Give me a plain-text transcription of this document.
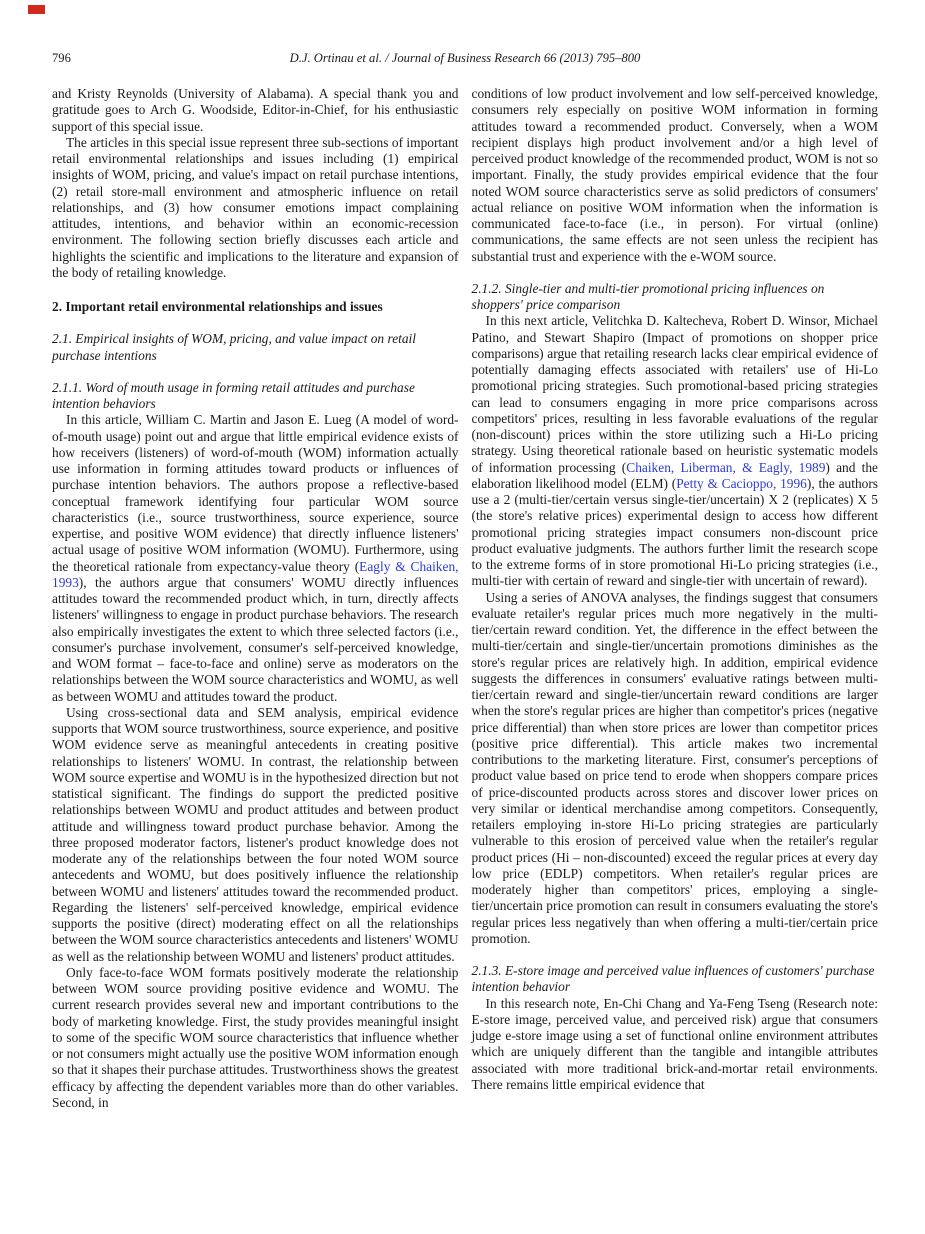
796	D.J. Ortinau et al. / Journal of Business Research 66 (2013) 795–800

and Kristy Reynolds (University of Alabama). A special thank you and gratitude goes to Arch G. Woodside, Editor-in-Chief, for his enthusiastic support of this special issue.

The articles in this special issue represent three sub-sections of important retail environmental relationships and issues including (1) empirical insights of WOM, pricing, and value's impact on retail purchase intentions, (2) retail store-mall environment and atmospheric influence on retail relationships, and (3) how consumer emotions impact complaining attitudes, intentions, and behavior within an economic-recession environment. The following section briefly discusses each article and highlights the scientific and implications to the literature and expansion of the body of retailing knowledge.

2. Important retail environmental relationships and issues
2.1. Empirical insights of WOM, pricing, and value impact on retail purchase intentions
2.1.1. Word of mouth usage in forming retail attitudes and purchase intention behaviors

In this article, William C. Martin and Jason E. Lueg (A model of word-of-mouth usage) point out and argue that little empirical evidence exists of how receivers (listeners) of word-of-mouth (WOM) information actually use information in forming attitudes toward products or influences of purchase intention behaviors. The authors propose a reflective-based conceptual framework identifying four particular WOM source characteristics (i.e., source trustworthiness, source experience, source expertise, and positive WOM evidence) that directly influence listeners' actual usage of positive WOM information (WOMU). Furthermore, using the theoretical rationale from expectancy-value theory (Eagly & Chaiken, 1993), the authors argue that consumers' WOMU directly influences attitudes toward the recommended product which, in turn, directly affects listeners' willingness to engage in product purchase behaviors. The research also empirically investigates the extent to which three selected factors (i.e., consumer's purchase involvement, consumer's self-perceived knowledge, and WOM format – face-to-face and online) serve as moderators on the relationships between the WOM source characteristics and WOMU, as well as between WOMU and attitudes toward the product.

Using cross-sectional data and SEM analysis, empirical evidence supports that WOM source trustworthiness, source experience, and positive WOM evidence serve as meaningful antecedents in creating positive relationships to listeners' WOMU. In contrast, the relationship between WOM source expertise and WOMU is in the hypothesized direction but not statistical significant. The findings do support the predicted positive relationships between WOMU and product attitudes and between product attitude and willingness toward product purchase behavior. Among the three proposed moderator factors, listener's product knowledge does not moderate any of the relationships between the four noted WOM source antecedents and WOMU, but does positively influence the relationship between WOMU and listeners' attitudes toward the recommended product. Regarding the listeners' self-perceived knowledge, empirical evidence supports the positive (direct) moderating effect on all the relationships between the WOM source characteristics antecedents and listeners' WOMU as well as the relationship between WOMU and listeners' product attitudes.

Only face-to-face WOM formats positively moderate the relationship between WOM source providing positive evidence and WOMU. The current research provides several new and important contributions to the body of marketing knowledge. First, the study provides meaningful insight to some of the specific WOM source characteristics that influence whether or not consumers might actually use the positive WOM information enough so that it shapes their purchase attitudes. Trustworthiness shows the greatest efficacy by affecting the dependent variables more than do other variables. Second, in

conditions of low product involvement and low self-perceived knowledge, consumers rely especially on positive WOM information in forming attitudes toward a recommended product. Conversely, when a WOM recipient displays high product involvement and/or a high level of perceived product knowledge of the recommended product, WOM is not so important. Finally, the study provides empirical evidence that the four noted WOM source characteristics serve as solid predictors of consumers' actual reliance on positive WOM information when the information is communicated face-to-face (i.e., in person). For virtual (online) communications, the same effects are not seen unless the recipient has substantial trust and experience with the e-WOM source.

2.1.2. Single-tier and multi-tier promotional pricing influences on shoppers' price comparison

In this next article, Velitchka D. Kaltecheva, Robert D. Winsor, Michael Patino, and Stewart Shapiro (Impact of promotions on shopper price comparisons) argue that retailing research lacks clear empirical evidence of potentially damaging effects associated with retailers' use of Hi-Lo promotional pricing strategies. Such promotional-based pricing strategies can lead to consumers engaging in more price comparisons across competitors' prices, resulting in less favorable evaluations of the regular (non-discount) prices within the store utilizing such a Hi-Lo pricing strategy. Using theoretical rationale based on heuristic systematic models of information processing (Chaiken, Liberman, & Eagly, 1989) and the elaboration likelihood model (ELM) (Petty & Cacioppo, 1996), the authors use a 2 (multi-tier/certain versus single-tier/uncertain) X 2 (replicates) X 5 (the store's relative prices) experimental design to access how different promotional pricing strategies impact consumers non-discount price product evaluative judgments. The authors further limit the research scope to the extreme forms of in store promotional Hi-Lo pricing strategies (i.e., multi-tier with certain of reward and single-tier with uncertain of reward).

Using a series of ANOVA analyses, the findings suggest that consumers evaluate retailer's regular prices much more negatively in the multi-tier/certain reward condition. Yet, the difference in the effect between the multi-tier/certain and single-tier/uncertain promotions diminishes as the store's regular prices are relatively high. In addition, empirical evidence suggests the differences in consumers' evaluative ratings between multi-tier/certain reward and single-tier/uncertain reward conditions are larger when the store's regular prices are higher than competitor's prices (negative price differential) than when store prices are lower than competitor prices (positive price differential). This article makes two incremental contributions to the marketing literature. First, consumer's perceptions of product value based on price tend to erode when shoppers compare prices of price-discounted products across stores and discover lower prices on very similar or identical merchandise among competitors. Consequently, retailers employing in-store Hi-Lo pricing strategies are particularly vulnerable to this erosion of perceived value when the retailer's regular product prices (Hi – non-discounted) exceed the regular prices at every day low price (EDLP) competitors. When retailer's regular prices are moderately higher than competitors' prices, employing a single-tier/uncertain price promotion can result in consumers evaluating the store's regular prices less negatively than when offering a multi-tier/certain price promotion.

2.1.3. E-store image and perceived value influences of customers' purchase intention behavior

In this research note, En-Chi Chang and Ya-Feng Tseng (Research note: E-store image, perceived value, and perceived risk) argue that consumers judge e-store image using a set of functional online environment attributes which are uniquely different than the tangible and intangible attributes associated with more traditional brick-and-mortar retail environments. There remains little empirical evidence that
